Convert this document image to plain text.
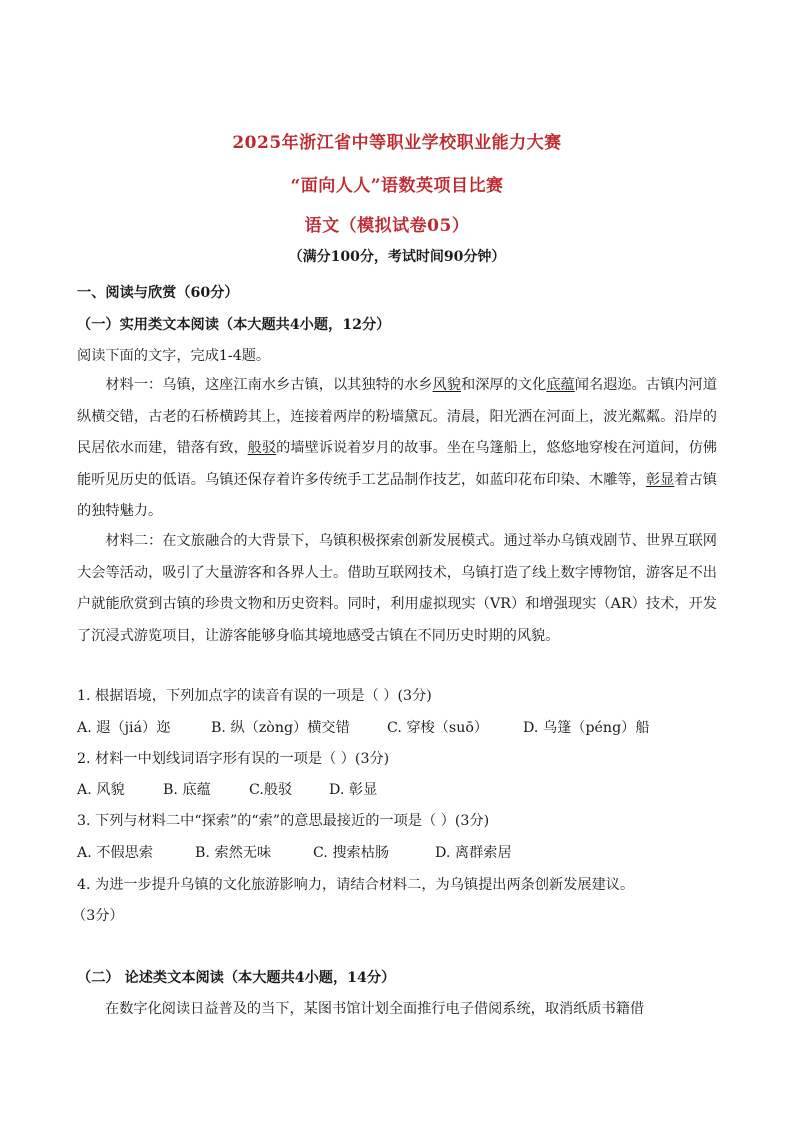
2025年浙江省中等职业学校职业能力大赛
“面向人人”语数英项目比赛
语文（模拟试卷05）
（满分100分，考试时间90分钟）
一、阅读与欣赏（60分）
（一）实用类文本阅读（本大题共4小题，12分）
阅读下面的文字，完成1-4题。
材料一：乌镇，这座江南水乡古镇，以其独特的水乡风貌和深厚的文化底蕴闻名遐迩。古镇内河道纵横交错，古老的石桥横跨其上，连接着两岸的粉墙黛瓦。清晨，阳光洒在河面上，波光粼粼。沿岸的民居依水而建，错落有致，般驳的墙壁诉说着岁月的故事。坐在乌篷船上，悠悠地穿梭在河道间，仿佛能听见历史的低语。乌镇还保存着许多传统手工艺品制作技艺，如蓝印花布印染、木雕等，彰显着古镇的独特魅力。
材料二：在文旅融合的大背景下，乌镇积极探索创新发展模式。通过举办乌镇戏剧节、世界互联网大会等活动，吸引了大量游客和各界人士。借助互联网技术，乌镇打造了线上数字博物馆，游客足不出户就能欣赏到古镇的珍贵文物和历史资料。同时，利用虚拟现实（VR）和增强现实（AR）技术，开发了沉浸式游览项目，让游客能够身临其境地感受古镇在不同历史时期的风貌。
1. 根据语境，下列加点字的读音有误的一项是（ ）(3分)
A. 遐（jiá）迩	B. 纵（zòng）横交错	C. 穿梭（suō） D. 乌篷（péng）船
2. 材料一中划线词语字形有误的一项是（ ）(3分)
A. 风貌	B. 底蕴	C.般驳	D. 彰显
3. 下列与材料二中“探索”的“索”的意思最接近的一项是（ ）(3分)
A. 不假思索	B. 索然无味	C. 搜索枯肠	D. 离群索居
4. 为进一步提升乌镇的文化旅游影响力，请结合材料二，为乌镇提出两条创新发展建议。
（3分）
（二） 论述类文本阅读（本大题共4小题，14分）
在数字化阅读日益普及的当下，某图书馆计划全面推行电子借阅系统，取消纸质书籍借
